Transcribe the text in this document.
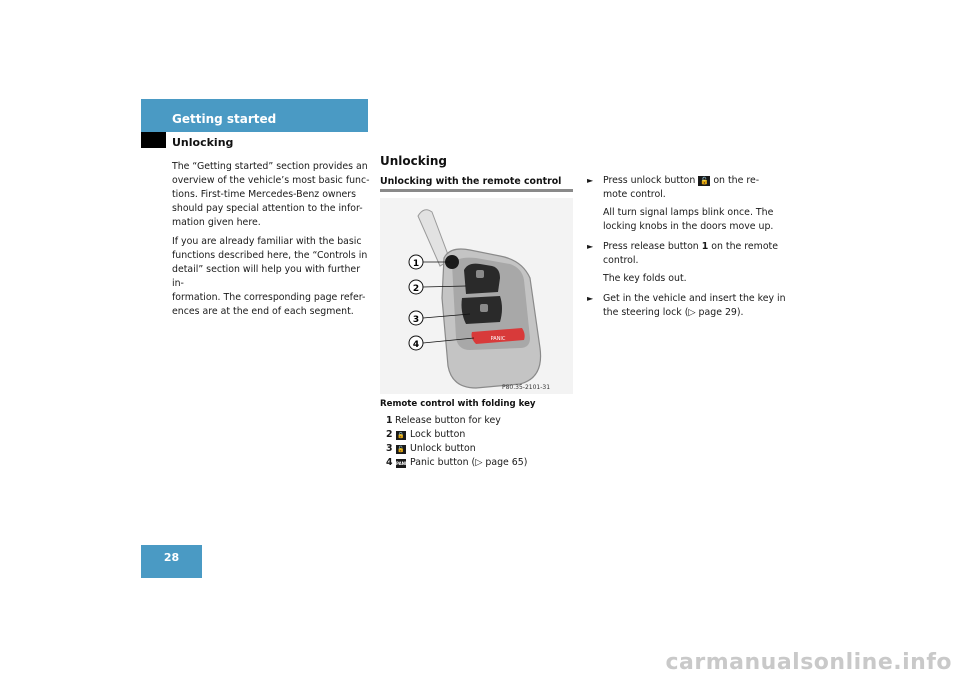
Getting started
Unlocking

The “Getting started” section provides an
overview of the vehicle’s most basic func-
tions. First-time Mercedes-Benz owners
should pay special attention to the infor-
mation given here.

If you are already familiar with the basic
functions described here, the “Controls in
detail” section will help you with further in-
formation. The corresponding page refer-
ences are at the end of each segment.

Unlocking
Unlocking with the remote control
PANIC
1
2
3
4
P80.35-2101-31
Remote control with folding key
1 Release button for key
2 🔒 Lock button
3 🔓 Unlock button
4 PANIC Panic button (▷ page 65)
► Press unlock button 🔓 on the re-
mote control.

All turn signal lamps blink once. The
locking knobs in the doors move up.

► Press release button 1 on the remote
control.

The key folds out.

► Get in the vehicle and insert the key in
the steering lock (▷ page 29).

28
carmanualsonline.info
